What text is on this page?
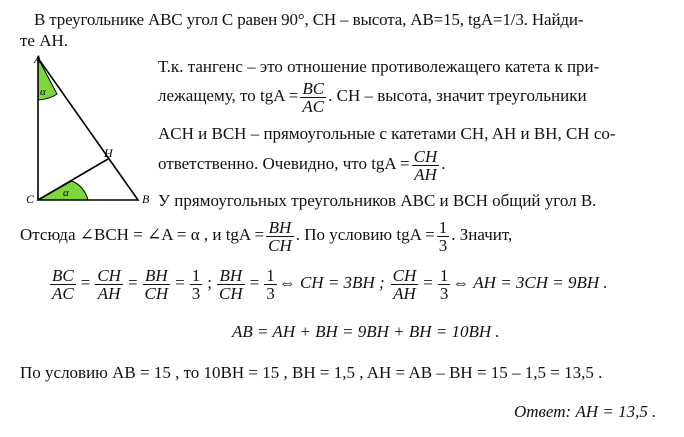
В треугольнике ABC угол C равен 90°, CH – высота, AB=15, tgA=1/3. Найди-
те AH.
A
C	B
H
α
α
Т.к. тангенс – это отношение противолежащего катета к при-
лежащему, то tgA = $\frac{BC}{AC}$ . CH – высота, значит треугольники
ACH и BCH – прямоугольные с катетами CH, AH и BH, CH со-
ответственно. Очевидно, что tgA = $\frac{CH}{AH}$ .
У прямоугольных треугольников ABC и BCH общий угол B.
Отсюда ∠BCH = ∠A = α , и tgA = $\frac{BH}{CH}$ . По условию tgA = $\frac{1}{3}$ . Значит,
$\frac{BC}{AC} = \frac{CH}{AH} = \frac{BH}{CH} = \frac{1}{3}$ ; $\frac{BH}{CH} = \frac{1}{3}$ ⇔ CH = 3BH ; $\frac{CH}{AH} = \frac{1}{3}$ ⇔ AH = 3CH = 9BH .
AB = AH + BH = 9BH + BH = 10BH .
По условию AB = 15 , то 10BH = 15 , BH = 1,5 , AH = AB – BH = 15 – 1,5 = 13,5 .
Ответ: AH = 13,5 .
